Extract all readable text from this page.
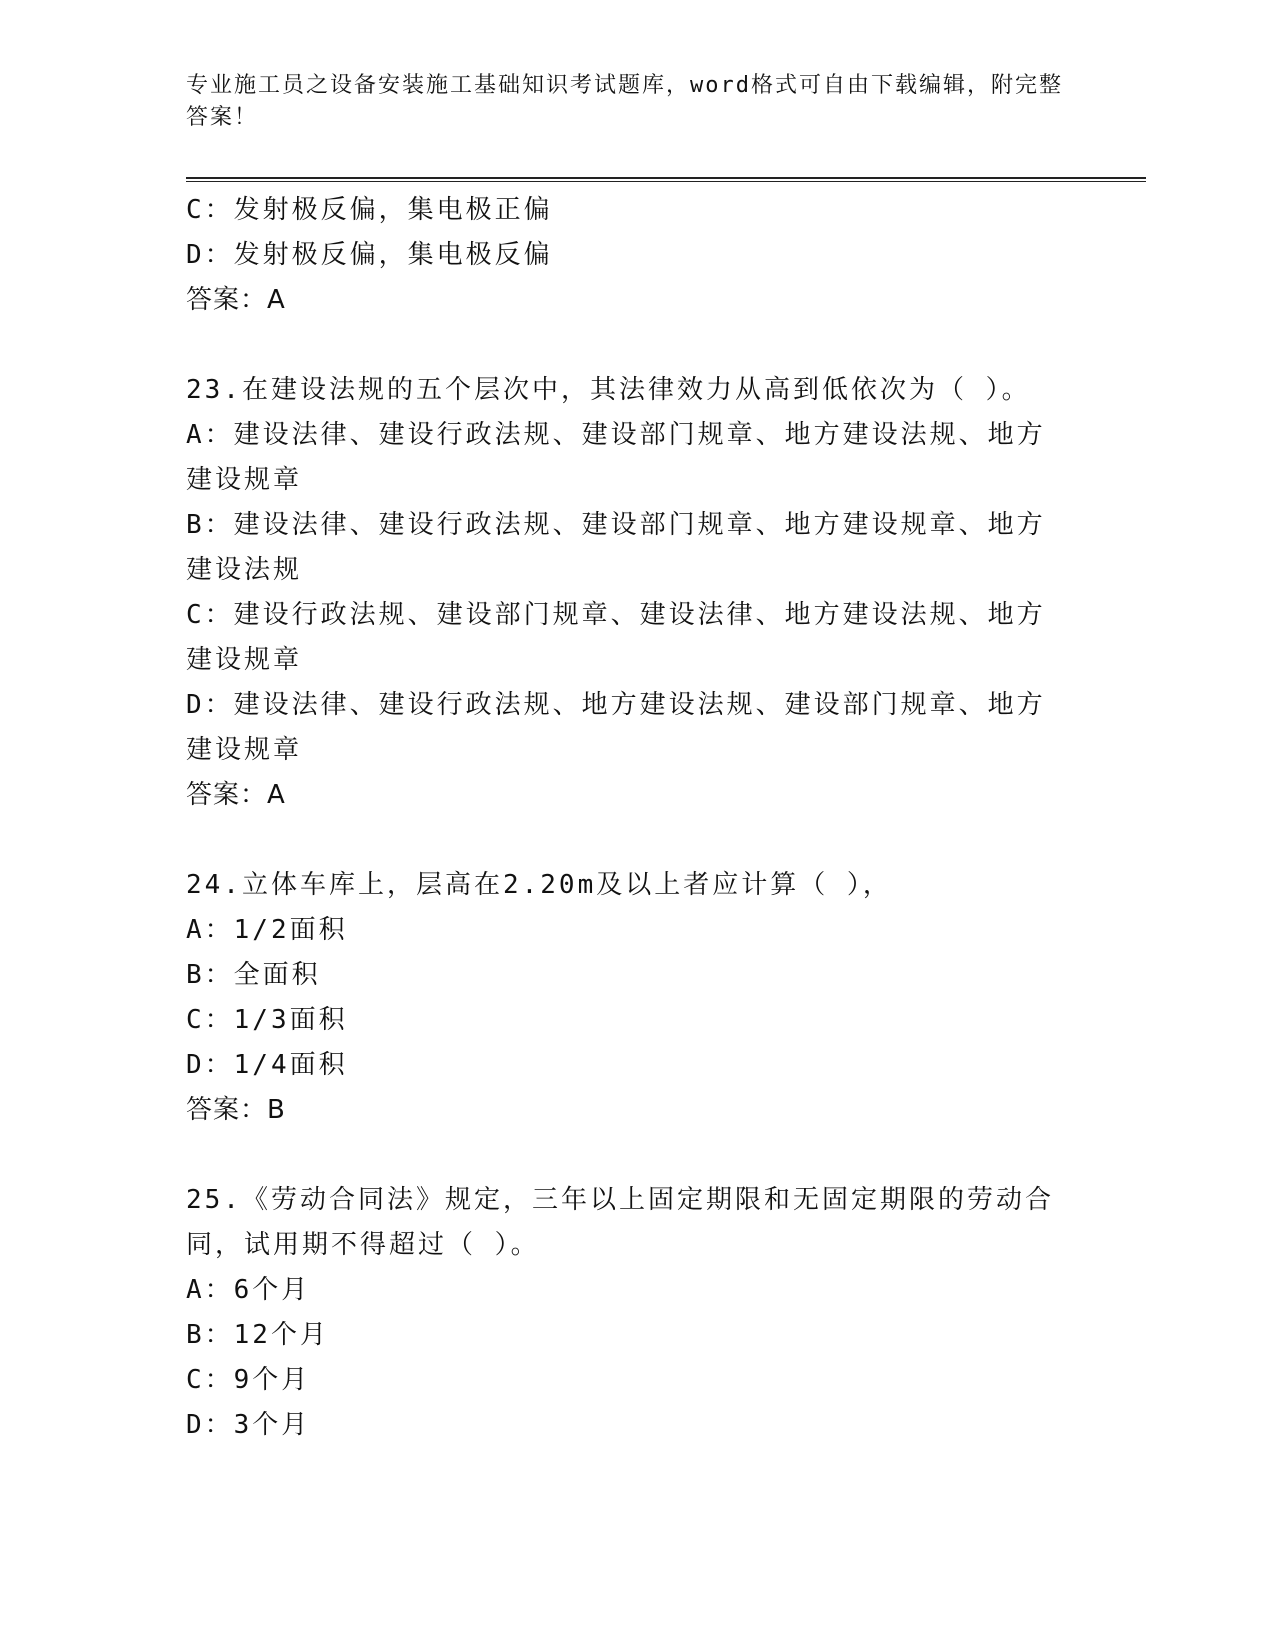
专业施工员之设备安装施工基础知识考试题库，word格式可自由下载编辑，附完整答案！
C：发射极反偏，集电极正偏
D：发射极反偏，集电极反偏
答案：A
23.在建设法规的五个层次中，其法律效力从高到低依次为（ ）。
A：建设法律、建设行政法规、建设部门规章、地方建设法规、地方建设规章
B：建设法律、建设行政法规、建设部门规章、地方建设规章、地方建设法规
C：建设行政法规、建设部门规章、建设法律、地方建设法规、地方建设规章
D：建设法律、建设行政法规、地方建设法规、建设部门规章、地方建设规章
答案：A
24.立体车库上，层高在2.20m及以上者应计算（ ），
A：1/2面积
B：全面积
C：1/3面积
D：1/4面积
答案：B
25.《劳动合同法》规定，三年以上固定期限和无固定期限的劳动合同，试用期不得超过（ ）。
A：6个月
B：12个月
C：9个月
D：3个月
